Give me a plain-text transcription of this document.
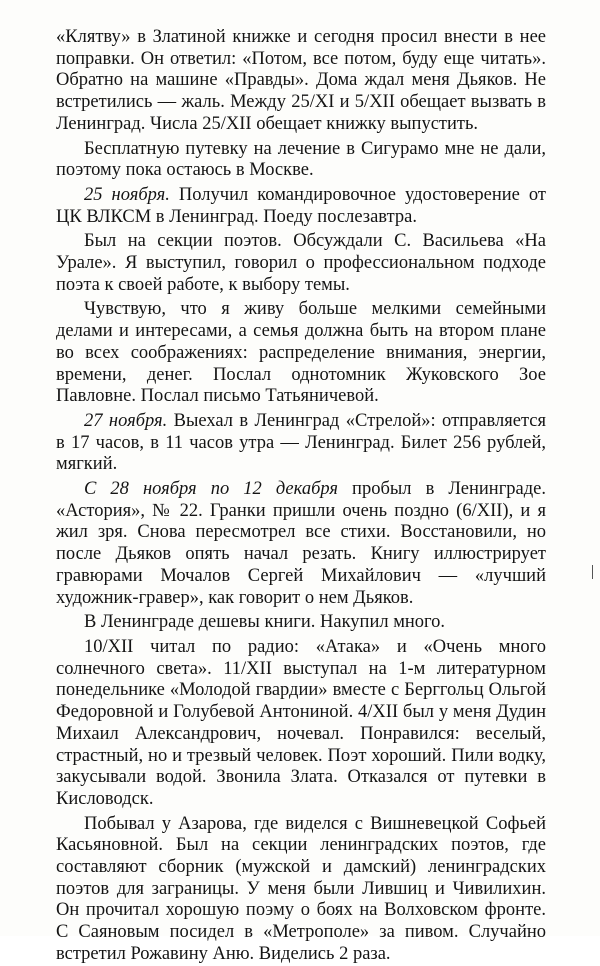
«Клятву» в Златиной книжке и сегодня просил внести в нее поправки. Он ответил: «Потом, все потом, буду еще читать». Обратно на машине «Правды». Дома ждал меня Дьяков. Не встретились — жаль. Между 25/XI и 5/XII обещает вызвать в Ленинград. Числа 25/XII обещает книжку выпустить.

Бесплатную путевку на лечение в Сигурамо мне не дали, поэтому пока остаюсь в Москве.

25 ноября. Получил командировочное удостоверение от ЦК ВЛКСМ в Ленинград. Поеду послезавтра.

Был на секции поэтов. Обсуждали С. Васильева «На Урале». Я выступил, говорил о профессиональном подходе поэта к своей работе, к выбору темы.

Чувствую, что я живу больше мелкими семейными делами и интересами, а семья должна быть на втором плане во всех соображениях: распределение внимания, энергии, времени, денег. Послал однотомник Жуковского Зое Павловне. Послал письмо Татьяничевой.

27 ноября. Выехал в Ленинград «Стрелой»: отправляется в 17 часов, в 11 часов утра — Ленинград. Билет 256 рублей, мягкий.

С 28 ноября по 12 декабря пробыл в Ленинграде. «Астория», № 22. Гранки пришли очень поздно (6/XII), и я жил зря. Снова пересмотрел все стихи. Восстановили, но после Дьяков опять начал резать. Книгу иллюстрирует гравюрами Мочалов Сергей Михайлович — «лучший художник-гравер», как говорит о нем Дьяков.

В Ленинграде дешевы книги. Накупил много.

10/XII читал по радио: «Атака» и «Очень много солнечного света». 11/XII выступал на 1-м литературном понедельнике «Молодой гвардии» вместе с Берггольц Ольгой Федоровной и Голубевой Антониной. 4/XII был у меня Дудин Михаил Александрович, ночевал. Понравился: веселый, страстный, но и трезвый человек. Поэт хороший. Пили водку, закусывали водой. Звонила Злата. Отказался от путевки в Кисловодск.

Побывал у Азарова, где виделся с Вишневецкой Софьей Касьяновной. Был на секции ленинградских поэтов, где составляют сборник (мужской и дамский) ленинградских поэтов для заграницы. У меня были Лившиц и Чивилихин. Он прочитал хорошую поэму о боях на Волховском фронте. С Саяновым посидел в «Метрополе» за пивом. Случайно встретил Рожавину Аню. Виделись 2 раза.
